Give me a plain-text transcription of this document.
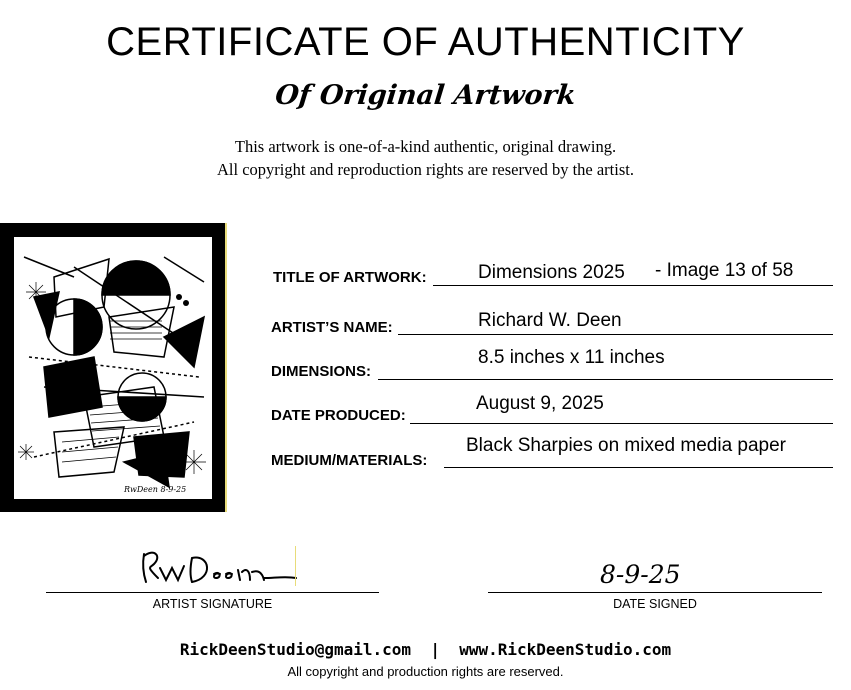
CERTIFICATE OF AUTHENTICITY
Of Original Artwork
This artwork is one-of-a-kind authentic, original drawing.
All copyright and reproduction rights are reserved by the artist.
RwDeen 8-9-25
TITLE OF ARTWORK:	Dimensions 2025 - Image 13 of 58
ARTIST’S NAME:	Richard W. Deen
DIMENSIONS:
8.5 inches x 11 inches
DATE PRODUCED:
August 9, 2025
MEDIUM/MATERIALS:
Black Sharpies on mixed media paper
ARTIST SIGNATURE
8-9-25
DATE SIGNED
RickDeenStudio@gmail.com  |  www.RickDeenStudio.com
All copyright and production rights are reserved.
